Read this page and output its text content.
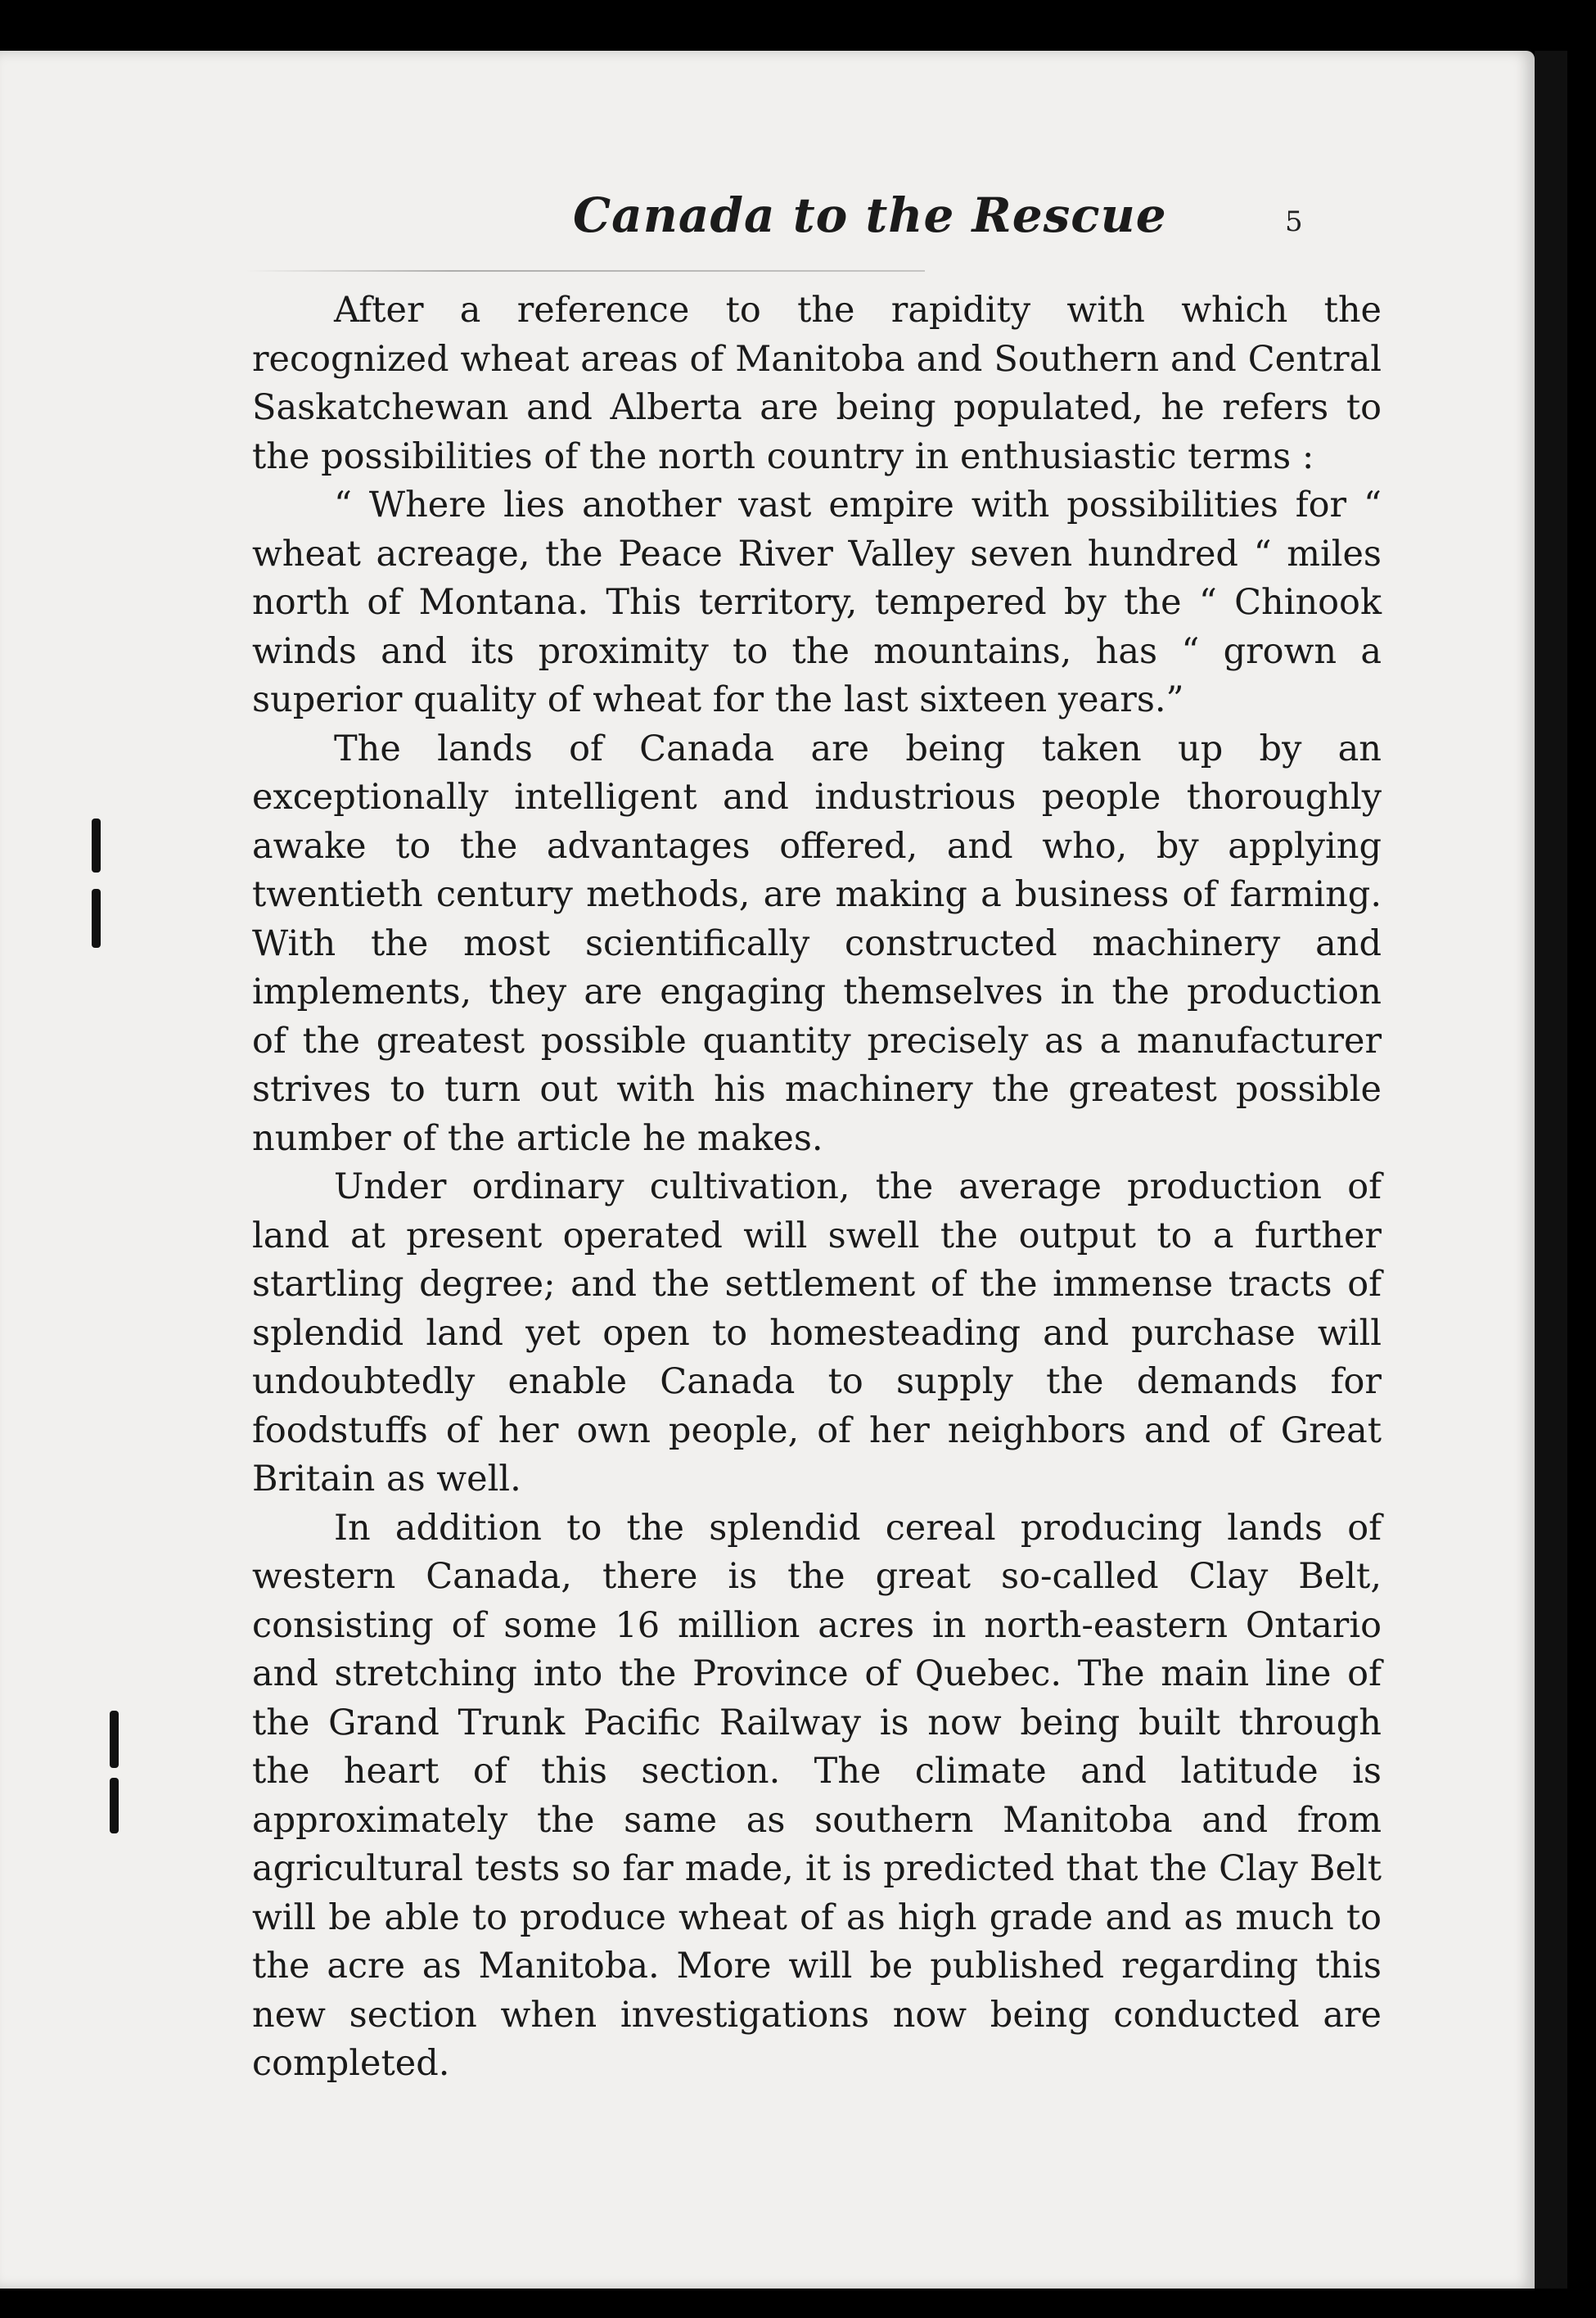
Canada to the Rescue	5

After a reference to the rapidity with which the recognized wheat areas of Manitoba and Southern and Central Saskatchewan and Alberta are being populated, he refers to the possibilities of the north country in enthusiastic terms :

“ Where lies another vast empire with possibilities for “ wheat acreage, the Peace River Valley seven hundred “ miles north of Montana. This territory, tempered by the “ Chinook winds and its proximity to the mountains, has “ grown a superior quality of wheat for the last sixteen years.”

The lands of Canada are being taken up by an exceptionally intelligent and industrious people thoroughly awake to the advantages offered, and who, by applying twentieth century methods, are making a business of farming. With the most scientifically constructed machinery and implements, they are engaging themselves in the production of the greatest possible quantity precisely as a manufacturer strives to turn out with his machinery the greatest possible number of the article he makes.

Under ordinary cultivation, the average production of land at present operated will swell the output to a further startling degree; and the settlement of the immense tracts of splendid land yet open to homesteading and purchase will undoubtedly enable Canada to supply the demands for foodstuffs of her own people, of her neighbors and of Great Britain as well.

In addition to the splendid cereal producing lands of western Canada, there is the great so-called Clay Belt, consisting of some 16 million acres in north-eastern Ontario and stretching into the Province of Quebec. The main line of the Grand Trunk Pacific Railway is now being built through the heart of this section. The climate and latitude is approximately the same as southern Manitoba and from agricultural tests so far made, it is predicted that the Clay Belt will be able to produce wheat of as high grade and as much to the acre as Manitoba. More will be published regarding this new section when investigations now being conducted are completed.
